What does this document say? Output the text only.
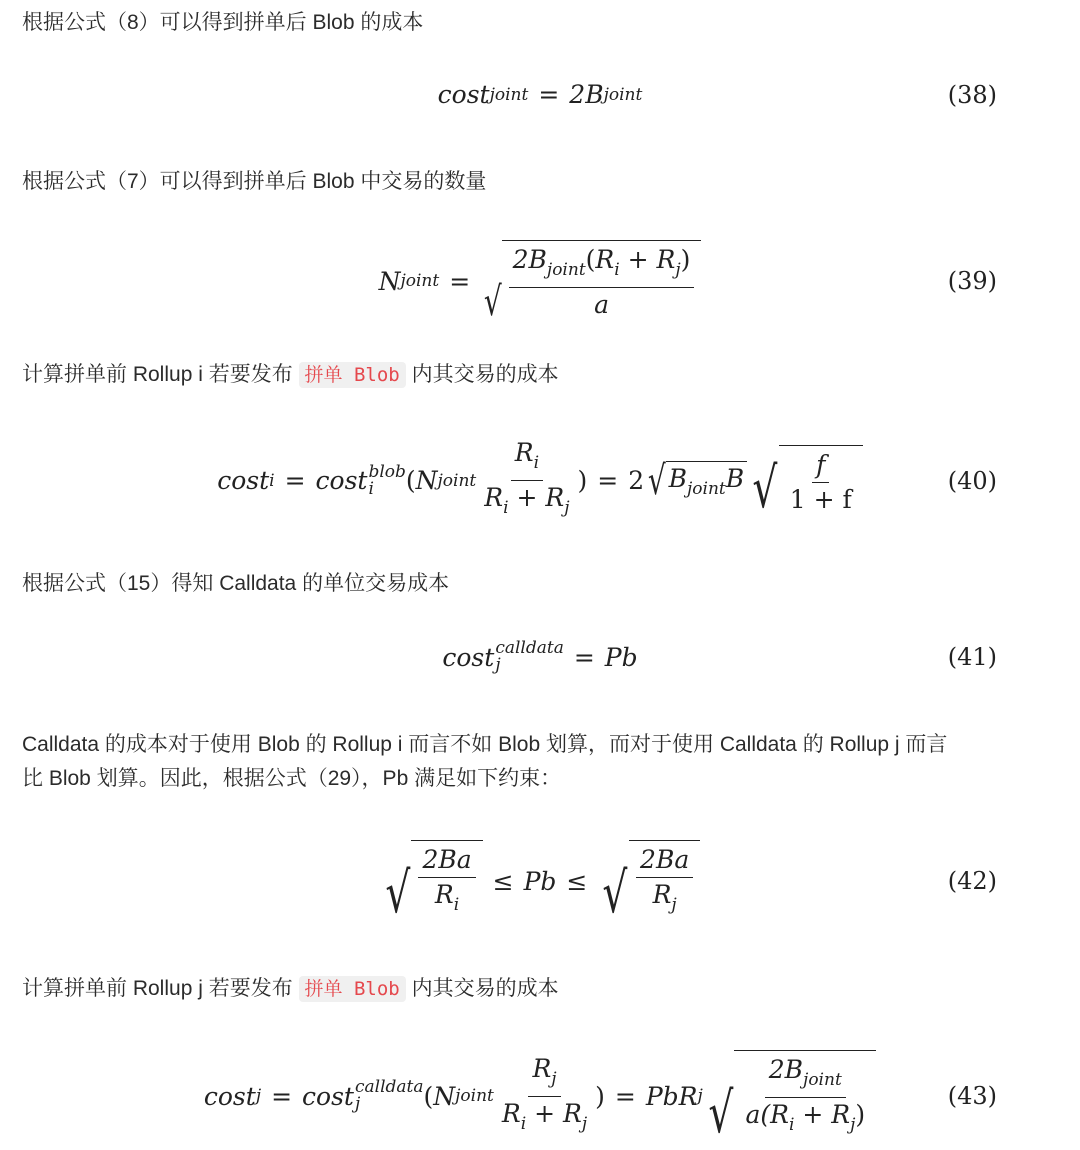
根据公式（8）可以得到拼单后 Blob 的成本
cost joint = 2B joint	(38)
根据公式（7）可以得到拼单后 Blob 中交易的数量
N joint = √ $\frac{2B_{joint}(R_i + R_j)}{a}$	(39)
计算拼单前 Rollup i 若要发布 拼单 Blob 内其交易的成本
cost i = cost blob
i	( N joint $\frac{R_i}{R_i + R_j}$ ) = 2 √ $B_{joint}B$ √ $\frac{f}{1 + f}$	(40)
根据公式（15）得知 Calldata 的单位交易成本
cost calldata
j	= Pb	(41)
Calldata 的成本对于使用 Blob 的 Rollup i 而言不如 Blob 划算，而对于使用 Calldata 的 Rollup j 而言
比 Blob 划算。因此，根据公式（29），Pb 满足如下约束：
√ $\frac{2Ba}{R_i} \le Pb$ ≤ √ $\frac{2Ba}{R_j}$	(42)
计算拼单前 Rollup j 若要发布 拼单 Blob 内其交易的成本
cost j = cost calldata
j	( N joint $\frac{R_j}{R_i + R_j}$ ) = PbR j √ $\frac{2B_{joint}}{a(R_i + R_j)}$	(43)
